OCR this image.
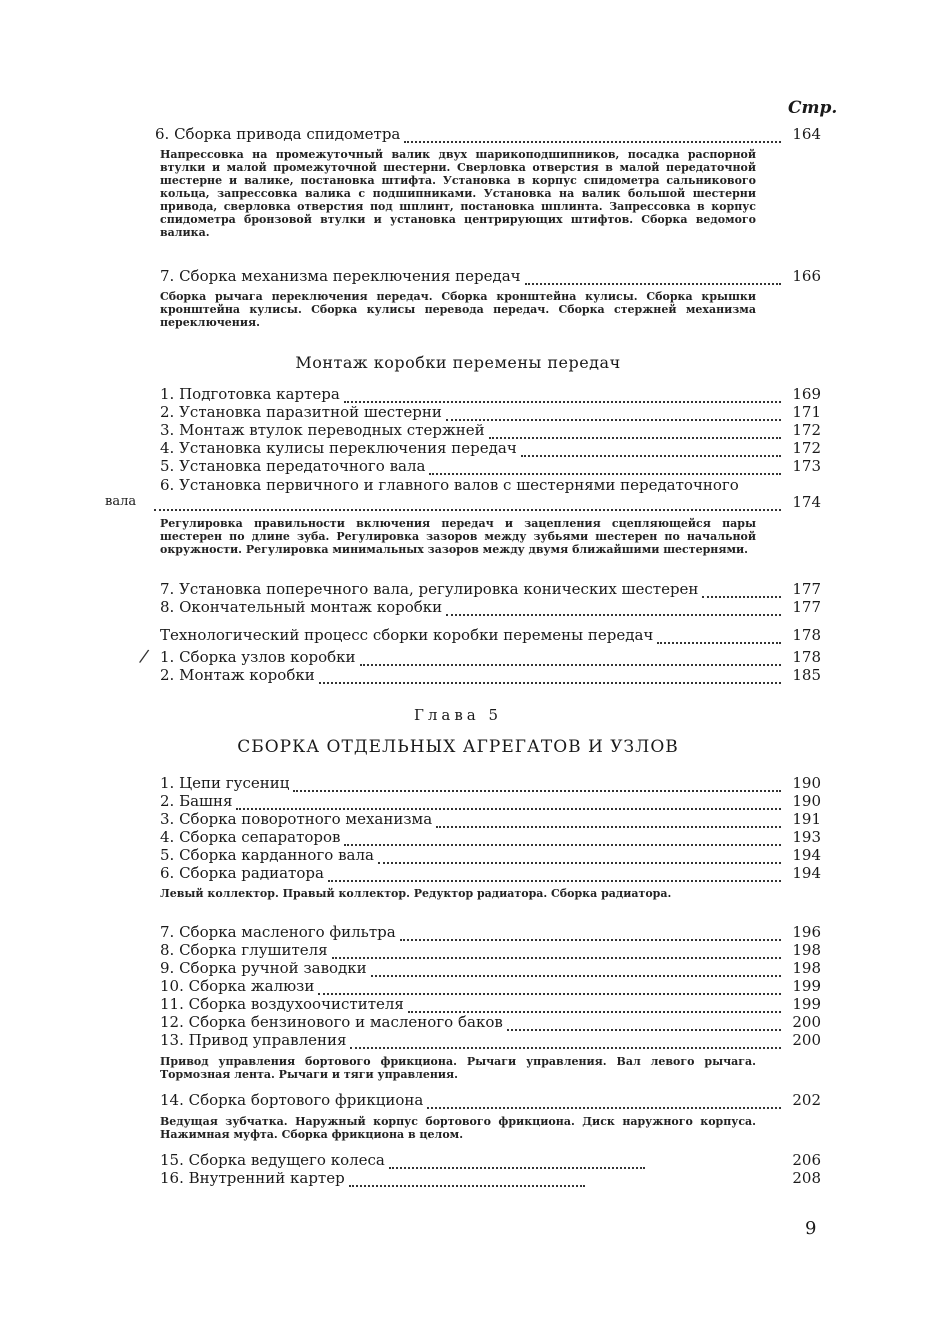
Стр.
6. Сборка привода спидометра	164
Напрессовка на промежуточный валик двух шарикоподшипников, посадка распорной втулки и малой промежуточной шестерни. Сверловка отверстия в малой передаточной шестерне и валике, постановка штифта. Установка в корпус спидометра сальникового кольца, запрессовка валика с подшипниками. Установка на валик большой шестерни привода, сверловка отверстия под шплинт, постановка шплинта. Запрессовка в корпус спидометра бронзовой втулки и установка центрирующих штифтов. Сборка ведомого валика.
7. Сборка механизма переключения передач	166
Сборка рычага переключения передач. Сборка кронштейна кулисы. Сборка крышки кронштейна кулисы. Сборка кулисы перевода передач. Сборка стержней механизма переключения.
Монтаж коробки перемены передач
1. Подготовка картера	169
2. Установка паразитной шестерни	171
3. Монтаж втулок переводных стержней	172
4. Установка кулисы переключения передач	172
5. Установка передаточного вала	173
6. Установка первичного и главного валов с шестернями передаточного
вала	174
Регулировка правильности включения передач и зацепления сцепляющейся пары шестерен по длине зуба. Регулировка зазоров между зубьями шестерен по начальной окружности. Регулировка минимальных зазоров между двумя ближайшими шестернями.
7. Установка поперечного вала, регулировка конических шестерен	177
8. Окончательный монтаж коробки	177
Технологический процесс сборки коробки перемены передач	178
/ 1. Сборка узлов коробки	178
2. Монтаж коробки	185
Глава 5
СБОРКА ОТДЕЛЬНЫХ АГРЕГАТОВ И УЗЛОВ
1. Цепи гусениц	190
2. Башня	190
3. Сборка поворотного механизма	191
4. Сборка сепараторов	193
5. Сборка карданного вала	194
6. Сборка радиатора	194
Левый коллектор. Правый коллектор. Редуктор радиатора. Сборка радиатора.
7. Сборка масленого фильтра	196
8. Сборка глушителя	198
9. Сборка ручной заводки	198
10. Сборка жалюзи	199
11. Сборка воздухоочистителя	199
12. Сборка бензинового и масленого баков	200
13. Привод управления	200
Привод управления бортового фрикциона. Рычаги управления. Вал левого рычага. Тормозная лента. Рычаги и тяги управления.
14. Сборка бортового фрикциона	202
Ведущая зубчатка. Наружный корпус бортового фрикциона. Диск наружного корпуса. Нажимная муфта. Сборка фрикциона в целом.
15. Сборка ведущего колеса	206
16. Внутренний картер	208
9
